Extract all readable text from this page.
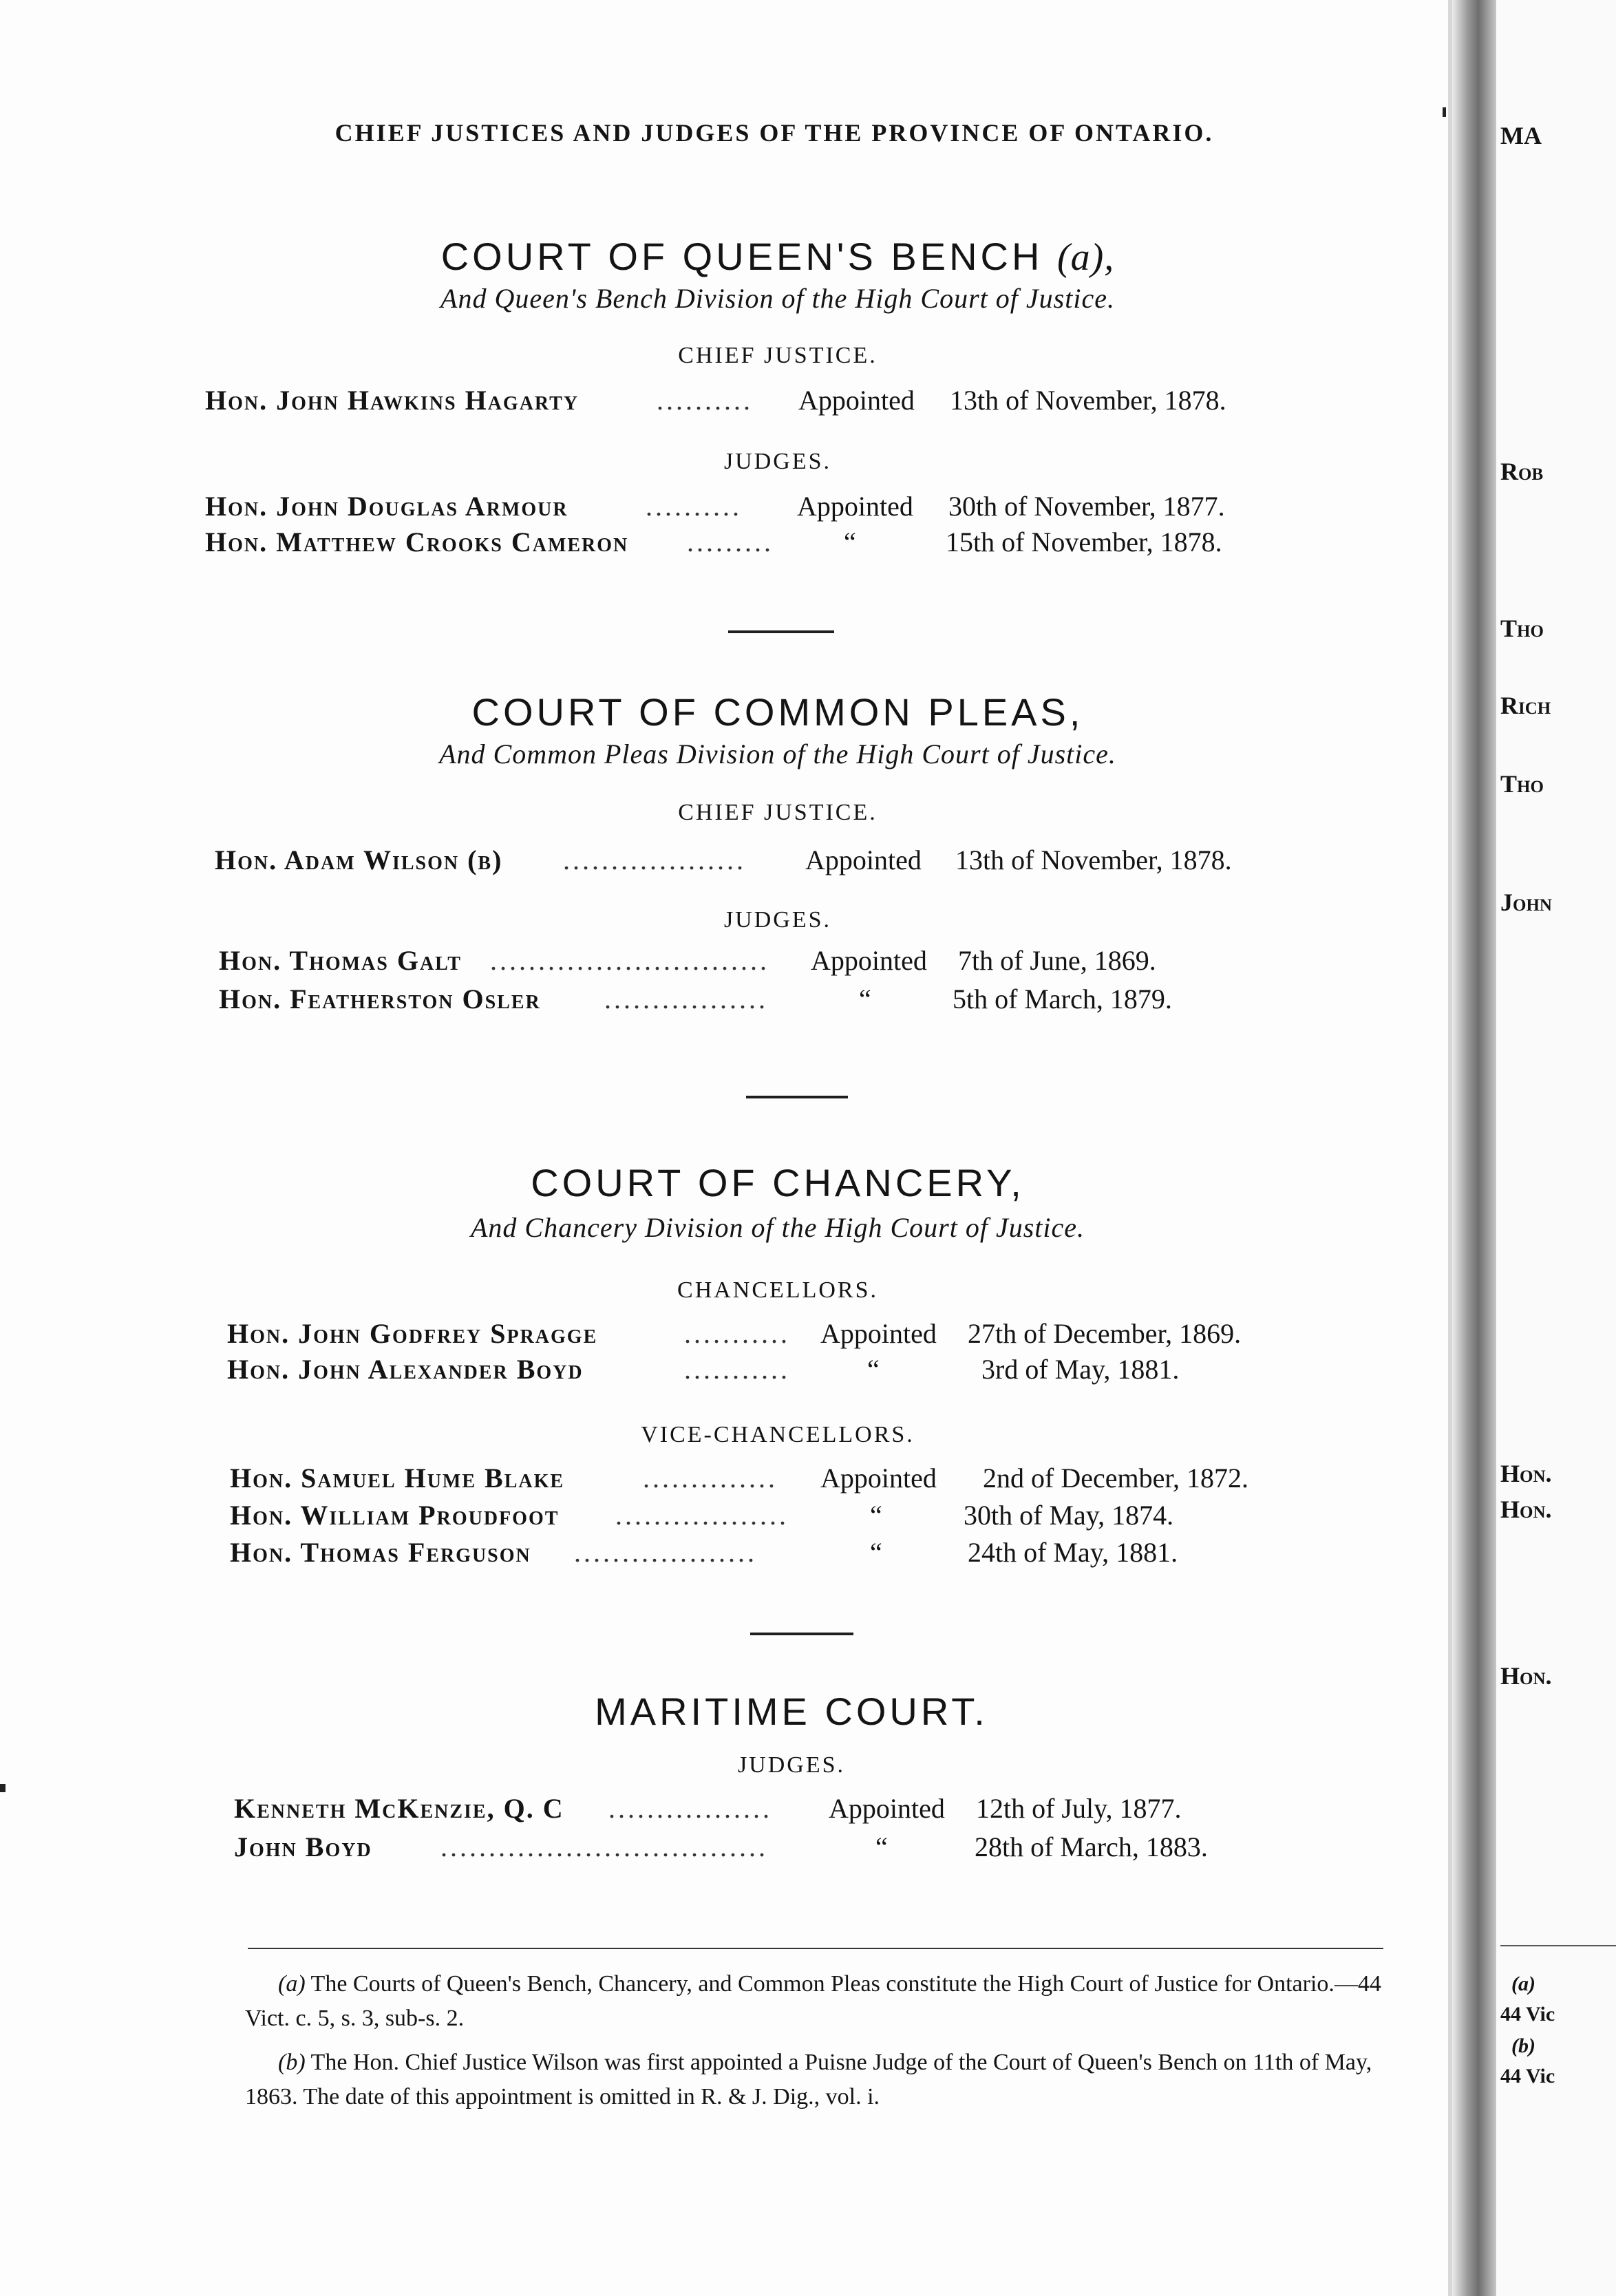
CHIEF JUSTICES AND JUDGES OF THE PROVINCE OF ONTARIO.
COURT OF QUEEN'S BENCH (a),
And Queen's Bench Division of the High Court of Justice.
CHIEF JUSTICE.
Hon. John Hawkins Hagarty	..........	Appointed 13th of November, 1878.
JUDGES.
Hon. John Douglas Armour	..........	Appointed 30th of November, 1877.
Hon. Matthew Crooks Cameron .........	“	15th of November, 1878.
COURT OF COMMON PLEAS,
And Common Pleas Division of the High Court of Justice.
CHIEF JUSTICE.
Hon. Adam Wilson (b) ...................	Appointed 13th of November, 1878.
JUDGES.
Hon. Thomas Galt .............................	Appointed 7th of June, 1869.
Hon. Featherston Osler .................	“	5th of March, 1879.
COURT OF CHANCERY,
And Chancery Division of the High Court of Justice.
CHANCELLORS.
Hon. John Godfrey Spragge	...........	Appointed 27th of December, 1869.
Hon. John Alexander Boyd	...........	“	3rd of May, 1881.
VICE-CHANCELLORS.
Hon. Samuel Hume Blake	..............	Appointed 2nd of December, 1872.
Hon. William Proudfoot ..................	“	30th of May, 1874.
Hon. Thomas Ferguson ...................	“	24th of May, 1881.
MARITIME COURT.
JUDGES.
Kenneth McKenzie, Q. C .................	Appointed 12th of July, 1877.
John Boyd ..................................	“	28th of March, 1883.
(a) The Courts of Queen's Bench, Chancery, and Common Pleas constitute the High Court of Justice for Ontario.—44 Vict. c. 5, s. 3, sub-s. 2.
(b) The Hon. Chief Justice Wilson was first appointed a Puisne Judge of the Court of Queen's Bench on 11th of May, 1863. The date of this appointment is omitted in R. & J. Dig., vol. i.
MA
Rob
Tho
Rich
Tho
John
Hon.
Hon.
Hon.
(a)
44 Vic
(b)
44 Vic
